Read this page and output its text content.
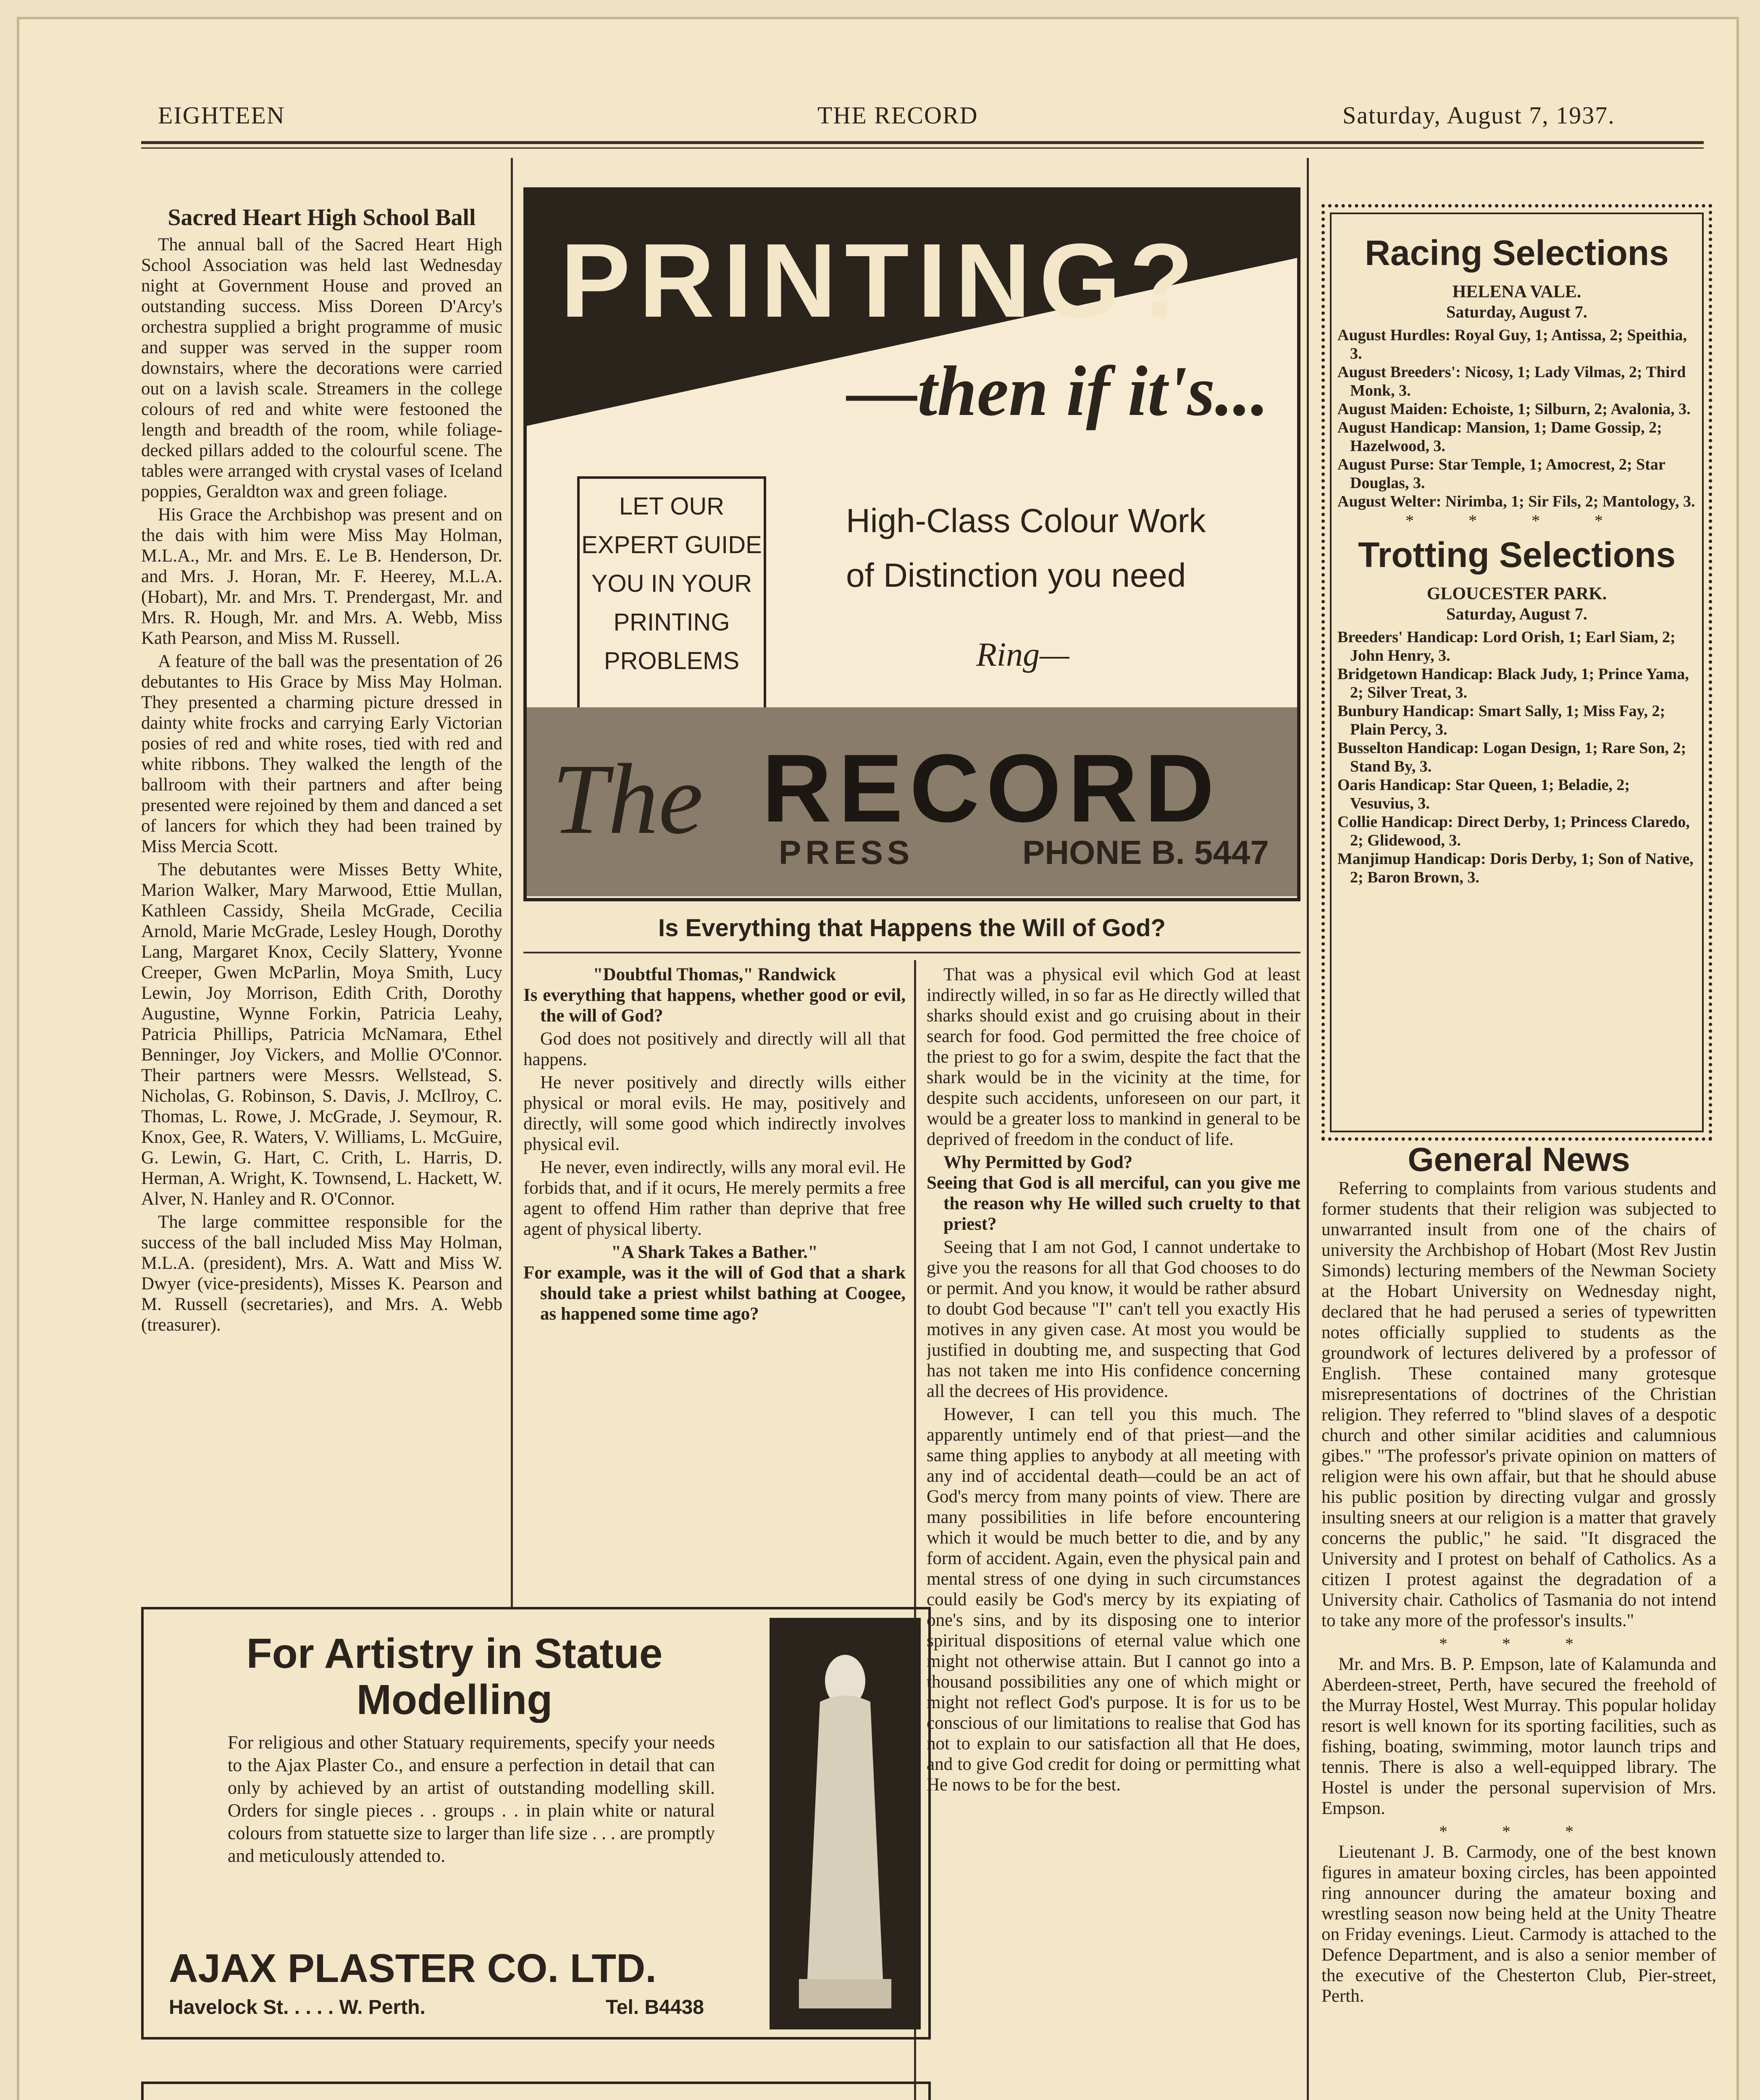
EIGHTEEN	THE RECORD	Saturday, August 7, 1937.
Sacred Heart High School Ball

The annual ball of the Sacred Heart High School Association was held last Wednesday night at Government House and proved an outstanding success. Miss Doreen D'Arcy's orchestra supplied a bright programme of music and supper was served in the supper room downstairs, where the decorations were carried out on a lavish scale. Streamers in the college colours of red and white were festooned the length and breadth of the room, while foliage-decked pillars added to the colourful scene. The tables were arranged with crystal vases of Iceland poppies, Geraldton wax and green foliage.

His Grace the Archbishop was present and on the dais with him were Miss May Holman, M.L.A., Mr. and Mrs. E. Le B. Henderson, Dr. and Mrs. J. Horan, Mr. F. Heerey, M.L.A. (Hobart), Mr. and Mrs. T. Prendergast, Mr. and Mrs. R. Hough, Mr. and Mrs. A. Webb, Miss Kath Pearson, and Miss M. Russell.

A feature of the ball was the presentation of 26 debutantes to His Grace by Miss May Holman. They presented a charming picture dressed in dainty white frocks and carrying Early Victorian posies of red and white roses, tied with red and white ribbons. They walked the length of the ballroom with their partners and after being presented were rejoined by them and danced a set of lancers for which they had been trained by Miss Mercia Scott.

The debutantes were Misses Betty White, Marion Walker, Mary Marwood, Ettie Mullan, Kathleen Cassidy, Sheila McGrade, Cecilia Arnold, Marie McGrade, Lesley Hough, Dorothy Lang, Margaret Knox, Cecily Slattery, Yvonne Creeper, Gwen McParlin, Moya Smith, Lucy Lewin, Joy Morrison, Edith Crith, Dorothy Augustine, Wynne Forkin, Patricia Leahy, Patricia Phillips, Patricia McNamara, Ethel Benninger, Joy Vickers, and Mollie O'Connor. Their partners were Messrs. Wellstead, S. Nicholas, G. Robinson, S. Davis, J. McIlroy, C. Thomas, L. Rowe, J. McGrade, J. Seymour, R. Knox, Gee, R. Waters, V. Williams, L. McGuire, G. Lewin, G. Hart, C. Crith, L. Harris, D. Herman, A. Wright, K. Townsend, L. Hackett, W. Alver, N. Hanley and R. O'Connor.

The large committee responsible for the success of the ball included Miss May Holman, M.L.A. (president), Mrs. A. Watt and Miss W. Dwyer (vice-presidents), Misses K. Pearson and M. Russell (secretaries), and Mrs. A. Webb (treasurer).

PRINTING?
—then if it's...
LET OUR EXPERT GUIDE YOU IN YOUR PRINTING PROBLEMS
High-Class Colour Work
of Distinction you need
Ring—
The RECORD
PRESS	PHONE B. 5447
Is Everything that Happens the Will of God?
"Doubtful Thomas," Randwick

Is everything that happens, whether good or evil, the will of God?

God does not positively and directly will all that happens.

He never positively and directly wills either physical or moral evils. He may, positively and directly, will some good which indirectly involves physical evil.

He never, even indirectly, wills any moral evil. He forbids that, and if it ocurs, He merely permits a free agent to offend Him rather than deprive that free agent of physical liberty.

"A Shark Takes a Bather."

For example, was it the will of God that a shark should take a priest whilst bathing at Coogee, as happened some time ago?

That was a physical evil which God at least indirectly willed, in so far as He directly willed that sharks should exist and go cruising about in their search for food. God permitted the free choice of the priest to go for a swim, despite the fact that the shark would be in the vicinity at the time, for despite such accidents, unforeseen on our part, it would be a greater loss to mankind in general to be deprived of freedom in the conduct of life.

Why Permitted by God?

Seeing that God is all merciful, can you give me the reason why He willed such cruelty to that priest?

Seeing that I am not God, I cannot undertake to give you the reasons for all that God chooses to do or permit. And you know, it would be rather absurd to doubt God because "I" can't tell you exactly His motives in any given case. At most you would be justified in doubting me, and suspecting that God has not taken me into His confidence concerning all the decrees of His providence.

However, I can tell you this much. The apparently untimely end of that priest—and the same thing applies to anybody at all meeting with any ind of accidental death—could be an act of God's mercy from many points of view. There are many possibilities in life before encountering which it would be much better to die, and by any form of accident. Again, even the physical pain and mental stress of one dying in such circumstances could easily be God's mercy by its expiating of one's sins, and by its disposing one to interior spiritual dispositions of eternal value which one might not otherwise attain. But I cannot go into a thousand possibilities any one of which might or might not reflect God's purpose. It is for us to be conscious of our limitations to realise that God has not to explain to our satisfaction all that He does, and to give God credit for doing or permitting what He nows to be for the best.

For Artistry in Statue Modelling
For religious and other Statuary requirements, specify your needs to the Ajax Plaster Co., and ensure a perfection in detail that can only by achieved by an artist of outstanding modelling skill. Orders for single pieces . . groups . . in plain white or natural colours from statuette size to larger than life size . . . are promptly and meticulously attended to.
AJAX PLASTER CO. LTD.
Havelock St. . . . . W. Perth.	Tel. B4438
Racing Selections
HELENA VALE.
Saturday, August 7.

August Hurdles: Royal Guy, 1; Antissa, 2; Speithia, 3.

August Breeders': Nicosy, 1; Lady Vilmas, 2; Third Monk, 3.

August Maiden: Echoiste, 1; Silburn, 2; Avalonia, 3.

August Handicap: Mansion, 1; Dame Gossip, 2; Hazelwood, 3.

August Purse: Star Temple, 1; Amocrest, 2; Star Douglas, 3.

August Welter: Nirimba, 1; Sir Fils, 2; Mantology, 3.

* * * *
Trotting Selections
GLOUCESTER PARK.
Saturday, August 7.

Breeders' Handicap: Lord Orish, 1; Earl Siam, 2; John Henry, 3.

Bridgetown Handicap: Black Judy, 1; Prince Yama, 2; Silver Treat, 3.

Bunbury Handicap: Smart Sally, 1; Miss Fay, 2; Plain Percy, 3.

Busselton Handicap: Logan Design, 1; Rare Son, 2; Stand By, 3.

Oaris Handicap: Star Queen, 1; Beladie, 2; Vesuvius, 3.

Collie Handicap: Direct Derby, 1; Princess Claredo, 2; Glidewood, 3.

Manjimup Handicap: Doris Derby, 1; Son of Native, 2; Baron Brown, 3.

General News

Referring to complaints from various students and former students that their religion was subjected to unwarranted insult from one of the chairs of university the Archbishop of Hobart (Most Rev Justin Simonds) lecturing members of the Newman Society at the Hobart University on Wednesday night, declared that he had perused a series of typewritten notes officially supplied to students as the groundwork of lectures delivered by a professor of English. These contained many grotesque misrepresentations of doctrines of the Christian religion. They referred to "blind slaves of a despotic church and other similar acidities and calumnious gibes." "The professor's private opinion on matters of religion were his own affair, but that he should abuse his public position by directing vulgar and grossly insulting sneers at our religion is a matter that gravely concerns the public," he said. "It disgraced the University and I protest on behalf of Catholics. As a citizen I protest against the degradation of a University chair. Catholics of Tasmania do not intend to take any more of the professor's insults."

* * *

Mr. and Mrs. B. P. Empson, late of Kalamunda and Aberdeen-street, Perth, have secured the freehold of the Murray Hostel, West Murray. This popular holiday resort is well known for its sporting facilities, such as fishing, boating, swimming, motor launch trips and tennis. There is also a well-equipped library. The Hostel is under the personal supervision of Mrs. Empson.

* * *

Lieutenant J. B. Carmody, one of the best known figures in amateur boxing circles, has been appointed ring announcer during the amateur boxing and wrestling season now being held at the Unity Theatre on Friday evenings. Lieut. Carmody is attached to the Defence Department, and is also a senior member of the executive of the Chesterton Club, Pier-street, Perth.
